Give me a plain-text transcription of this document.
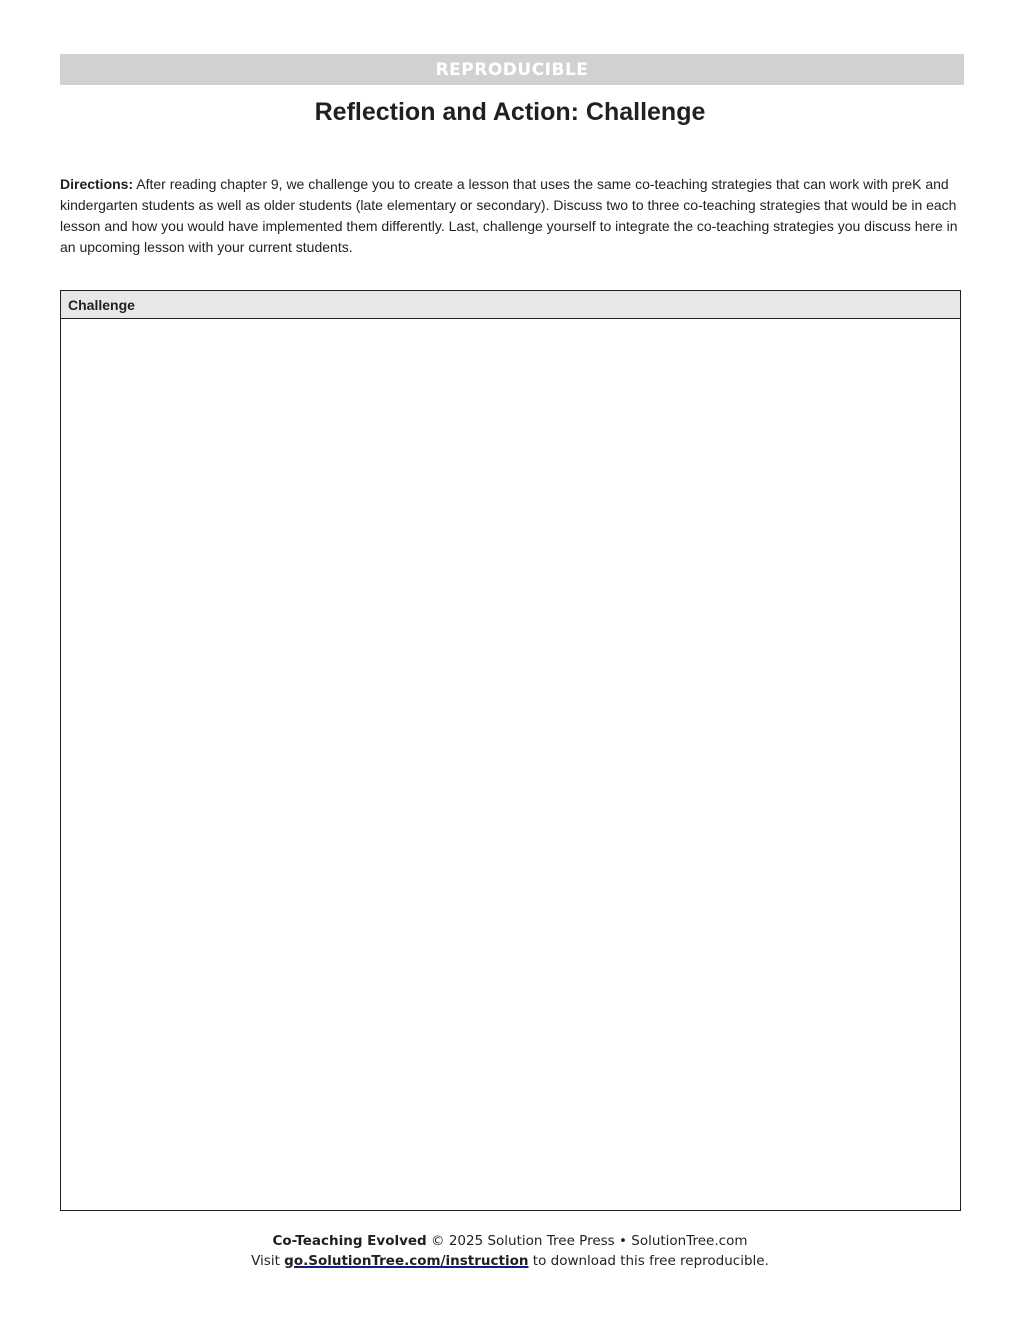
REPRODUCIBLE
Reflection and Action: Challenge

Directions: After reading chapter 9, we challenge you to create a lesson that uses the same co-teaching strategies that can work with preK and kindergarten students as well as older students (late elementary or secondary). Discuss two to three co-teaching strategies that would be in each lesson and how you would have implemented them differently. Last, challenge yourself to integrate the co-teaching strategies you discuss here in an upcoming lesson with your current students.

Challenge
Co-Teaching Evolved © 2025 Solution Tree Press • SolutionTree.com
Visit go.SolutionTree.com/instruction to download this free reproducible.
